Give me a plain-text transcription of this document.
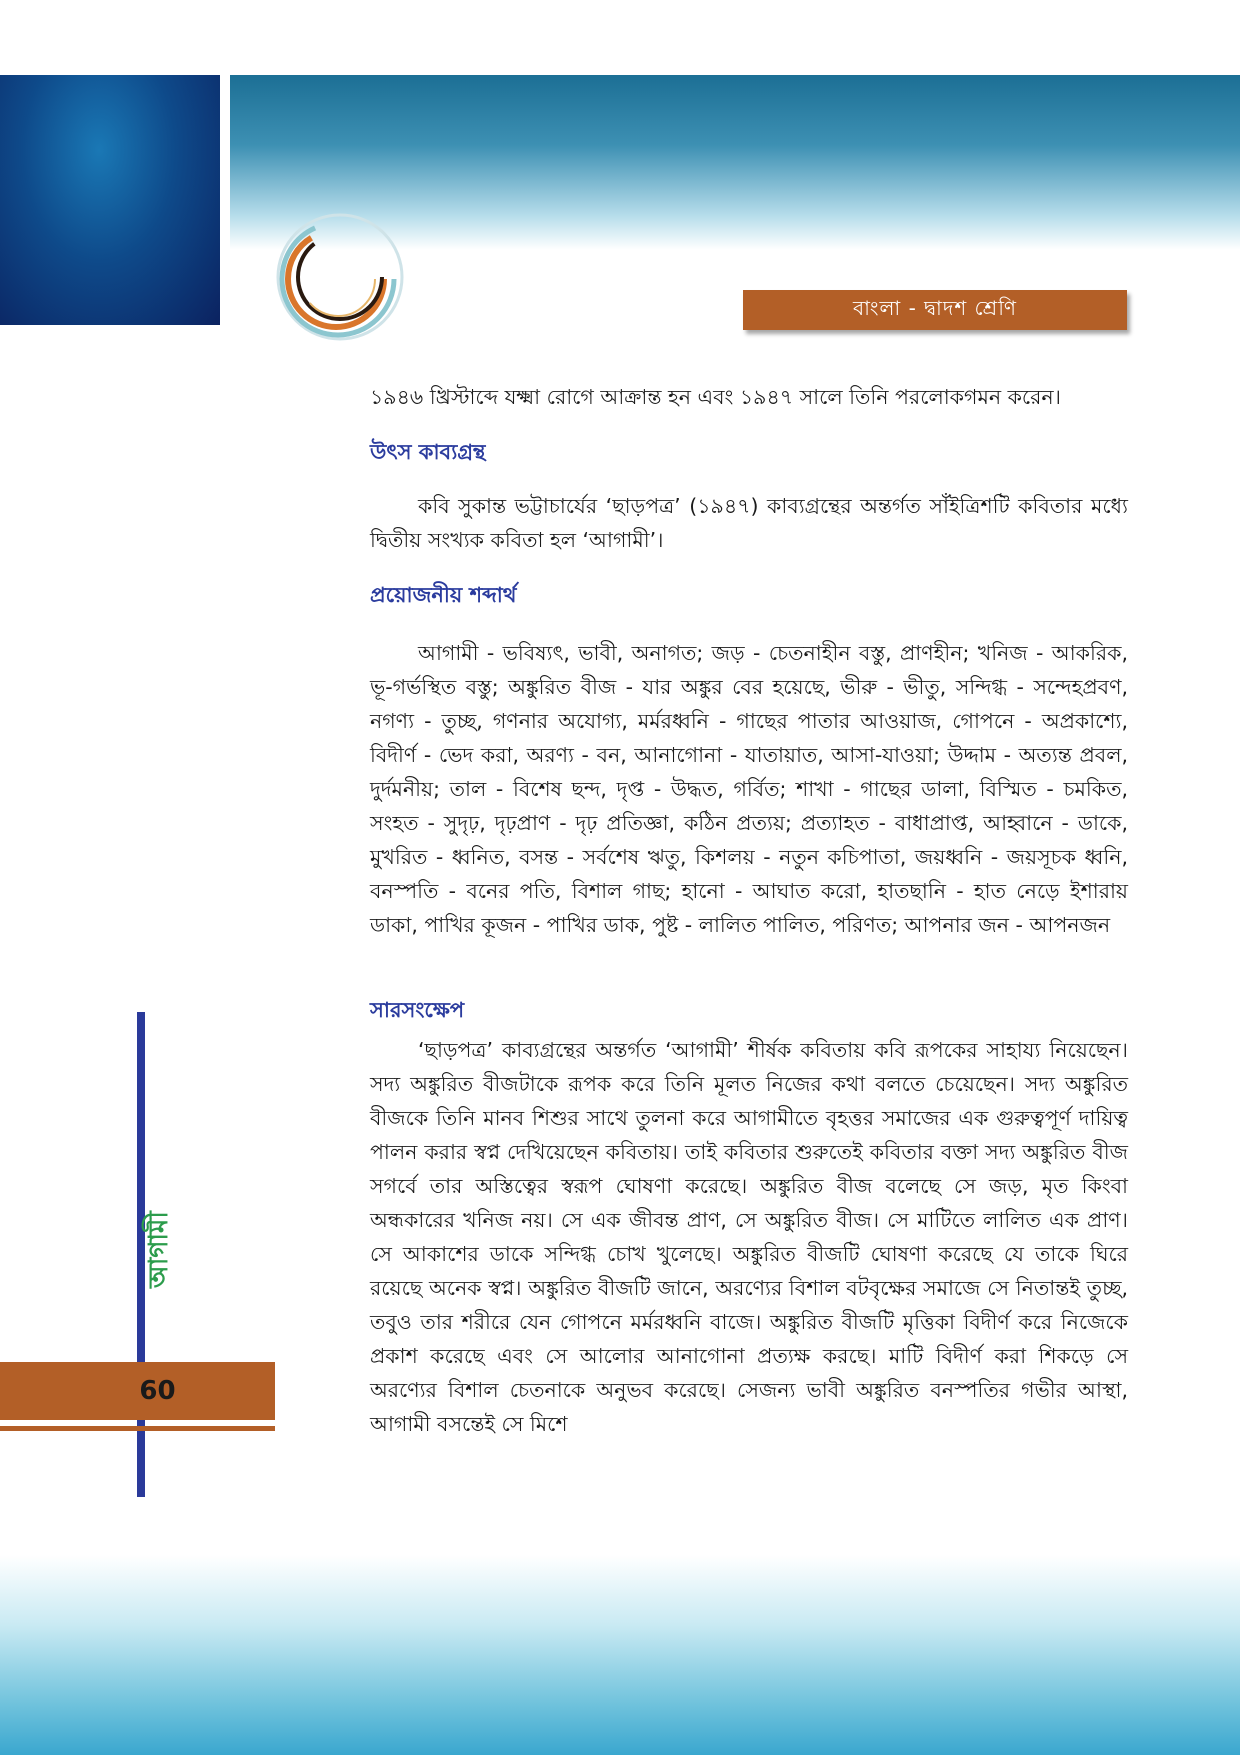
বাংলা - দ্বাদশ শ্রেণি
আগামী
60

১৯৪৬ খ্রিস্টাব্দে যক্ষ্মা রোগে আক্রান্ত হন এবং ১৯৪৭ সালে তিনি পরলোকগমন করেন।

উৎস কাব্যগ্রন্থ

কবি সুকান্ত ভট্টাচার্যের ‘ছাড়পত্র’ (১৯৪৭) কাব্যগ্রন্থের অন্তর্গত সাঁইত্রিশটি কবিতার মধ্যে দ্বিতীয় সংখ্যক কবিতা হল ‘আগামী’।

প্রয়োজনীয় শব্দার্থ

আগামী - ভবিষ্যৎ, ভাবী, অনাগত; জড় - চেতনাহীন বস্তু, প্রাণহীন; খনিজ - আকরিক, ভূ-গর্ভস্থিত বস্তু; অঙ্কুরিত বীজ - যার অঙ্কুর বের হয়েছে, ভীরু - ভীতু, সন্দিগ্ধ - সন্দেহপ্রবণ, নগণ্য - তুচ্ছ, গণনার অযোগ্য, মর্মরধ্বনি - গাছের পাতার আওয়াজ, গোপনে - অপ্রকাশ্যে, বিদীর্ণ - ভেদ করা, অরণ্য - বন, আনাগোনা - যাতায়াত, আসা-যাওয়া; উদ্দাম - অত্যন্ত প্রবল, দুর্দমনীয়; তাল - বিশেষ ছন্দ, দৃপ্ত - উদ্ধত, গর্বিত; শাখা - গাছের ডালা, বিস্মিত - চমকিত, সংহত - সুদৃঢ়, দৃঢ়প্রাণ - দৃঢ় প্রতিজ্ঞা, কঠিন প্রত্যয়; প্রত্যাহত - বাধাপ্রাপ্ত, আহ্বানে - ডাকে, মুখরিত - ধ্বনিত, বসন্ত - সর্বশেষ ঋতু, কিশলয় - নতুন কচিপাতা, জয়ধ্বনি - জয়সূচক ধ্বনি, বনস্পতি - বনের পতি, বিশাল গাছ; হানো - আঘাত করো, হাতছানি - হাত নেড়ে ইশারায় ডাকা, পাখির কূজন - পাখির ডাক, পুষ্ট - লালিত পালিত, পরিণত; আপনার জন - আপনজন

সারসংক্ষেপ

‘ছাড়পত্র’ কাব্যগ্রন্থের অন্তর্গত ‘আগামী’ শীর্ষক কবিতায় কবি রূপকের সাহায্য নিয়েছেন। সদ্য অঙ্কুরিত বীজটাকে রূপক করে তিনি মূলত নিজের কথা বলতে চেয়েছেন। সদ্য অঙ্কুরিত বীজকে তিনি মানব শিশুর সাথে তুলনা করে আগামীতে বৃহত্তর সমাজের এক গুরুত্বপূর্ণ দায়িত্ব পালন করার স্বপ্ন দেখিয়েছেন কবিতায়। তাই কবিতার শুরুতেই কবিতার বক্তা সদ্য অঙ্কুরিত বীজ সগর্বে তার অস্তিত্বের স্বরূপ ঘোষণা করেছে। অঙ্কুরিত বীজ বলেছে সে জড়, মৃত কিংবা অন্ধকারের খনিজ নয়। সে এক জীবন্ত প্রাণ, সে অঙ্কুরিত বীজ। সে মাটিতে লালিত এক প্রাণ। সে আকাশের ডাকে সন্দিগ্ধ চোখ খুলেছে। অঙ্কুরিত বীজটি ঘোষণা করেছে যে তাকে ঘিরে রয়েছে অনেক স্বপ্ন। অঙ্কুরিত বীজটি জানে, অরণ্যের বিশাল বটবৃক্ষের সমাজে সে নিতান্তই তুচ্ছ, তবুও তার শরীরে যেন গোপনে মর্মরধ্বনি বাজে। অঙ্কুরিত বীজটি মৃত্তিকা বিদীর্ণ করে নিজেকে প্রকাশ করেছে এবং সে আলোর আনাগোনা প্রত্যক্ষ করছে। মাটি বিদীর্ণ করা শিকড়ে সে অরণ্যের বিশাল চেতনাকে অনুভব করেছে। সেজন্য ভাবী অঙ্কুরিত বনস্পতির গভীর আস্থা, আগামী বসন্তেই সে মিশে
